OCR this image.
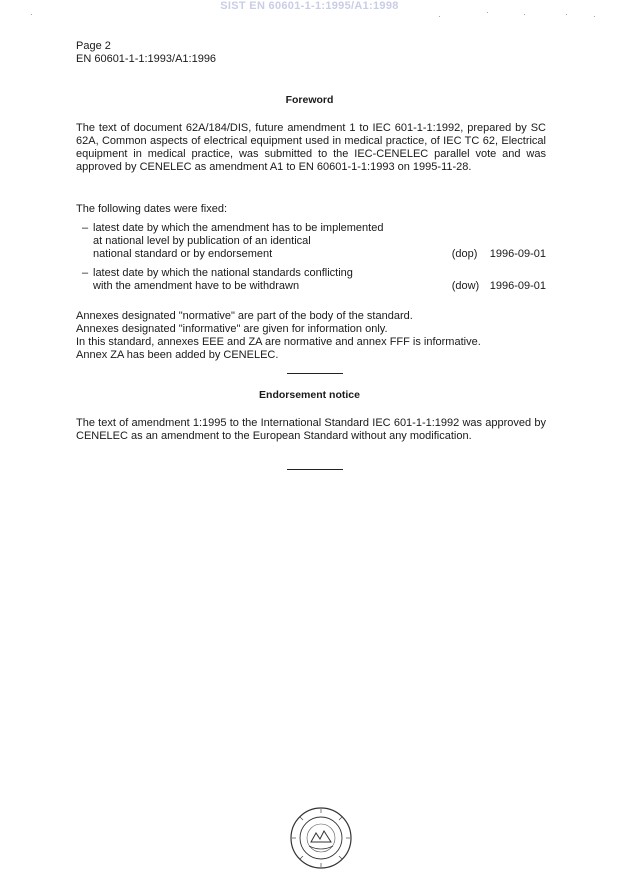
SIST EN 60601-1-1:1995/A1:1998
·	·	·	·	·	·
Page 2
EN 60601-1-1:1993/A1:1996
Foreword
The text of document 62A/184/DIS, future amendment 1 to IEC 601-1-1:1992, prepared by SC 62A, Common aspects of electrical equipment used in medical practice, of IEC TC 62, Electrical equipment in medical practice, was submitted to the IEC-CENELEC parallel vote and was approved by CENELEC as amendment A1 to EN 60601-1-1:1993 on 1995-11-28.
The following dates were fixed:
– latest date by which the amendment has to be implemented
at national level by publication of an identical
national standard or by endorsement	(dop) 1996-09-01
– latest date by which the national standards conflicting
with the amendment have to be withdrawn	(dow) 1996-09-01
Annexes designated "normative" are part of the body of the standard.
Annexes designated "informative" are given for information only.
In this standard, annexes EEE and ZA are normative and annex FFF is informative.
Annex ZA has been added by CENELEC.
Endorsement notice
The text of amendment 1:1995 to the International Standard IEC 601-1-1:1992 was approved by CENELEC as an amendment to the European Standard without any modification.
